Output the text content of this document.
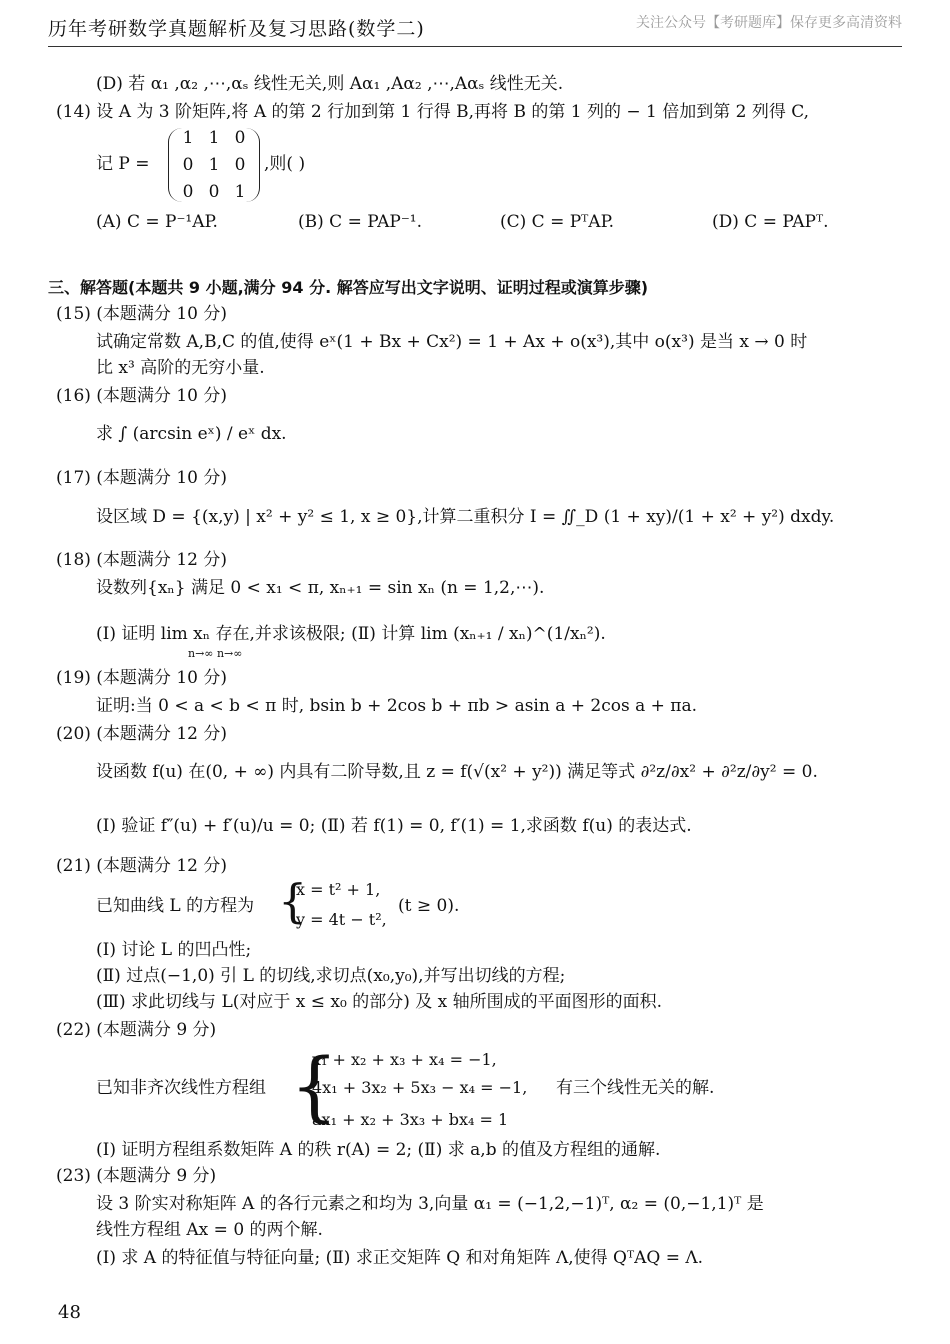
历年考研数学真题解析及复习思路(数学二)	关注公众号【考研题库】保存更多高清资料
(D) 若 α₁ ,α₂ ,⋯,αₛ 线性无关,则 Aα₁ ,Aα₂ ,⋯,Aαₛ 线性无关.
(14) 设 A 为 3 阶矩阵,将 A 的第 2 行加到第 1 行得 B,再将 B 的第 1 列的 − 1 倍加到第 2 列得 C,
记 P =
1 1 0
0 1 0
0 0 1
,则( )
(A) C = P⁻¹AP.	(B) C = PAP⁻¹.	(C) C = PᵀAP.	(D) C = PAPᵀ.
三、解答题(本题共 9 小题,满分 94 分. 解答应写出文字说明、证明过程或演算步骤)
(15) (本题满分 10 分)
试确定常数 A,B,C 的值,使得 eˣ(1 + Bx + Cx²) = 1 + Ax + o(x³),其中 o(x³) 是当 x → 0 时
比 x³ 高阶的无穷小量.
(16) (本题满分 10 分)
求 ∫ (arcsin eˣ) / eˣ dx.
(17) (本题满分 10 分)
设区域 D = {(x,y) | x² + y² ≤ 1, x ≥ 0},计算二重积分 I = ∬_D (1 + xy)/(1 + x² + y²) dxdy.
(18) (本题满分 12 分)
设数列{xₙ} 满足 0 < x₁ < π, xₙ₊₁ = sin xₙ (n = 1,2,⋯).
(Ⅰ) 证明 lim xₙ 存在,并求该极限; (Ⅱ) 计算 lim (xₙ₊₁ / xₙ)^(1/xₙ²).
n→∞ n→∞
(19) (本题满分 10 分)
证明:当 0 < a < b < π 时, bsin b + 2cos b + πb > asin a + 2cos a + πa.
(20) (本题满分 12 分)
设函数 f(u) 在(0, + ∞) 内具有二阶导数,且 z = f(√(x² + y²)) 满足等式 ∂²z/∂x² + ∂²z/∂y² = 0.
(Ⅰ) 验证 f″(u) + f′(u)/u = 0; (Ⅱ) 若 f(1) = 0, f′(1) = 1,求函数 f(u) 的表达式.
(21) (本题满分 12 分)
已知曲线 L 的方程为 {
x = t² + 1,
y = 4t − t²,
(t ≥ 0).
(Ⅰ) 讨论 L 的凹凸性;
(Ⅱ) 过点(−1,0) 引 L 的切线,求切点(x₀,y₀),并写出切线的方程;
(Ⅲ) 求此切线与 L(对应于 x ≤ x₀ 的部分) 及 x 轴所围成的平面图形的面积.
(22) (本题满分 9 分)
已知非齐次线性方程组 {
x₁ + x₂ + x₃ + x₄ = −1,
4x₁ + 3x₂ + 5x₃ − x₄ = −1,
ax₁ + x₂ + 3x₃ + bx₄ = 1
有三个线性无关的解.
(Ⅰ) 证明方程组系数矩阵 A 的秩 r(A) = 2; (Ⅱ) 求 a,b 的值及方程组的通解.
(23) (本题满分 9 分)
设 3 阶实对称矩阵 A 的各行元素之和均为 3,向量 α₁ = (−1,2,−1)ᵀ, α₂ = (0,−1,1)ᵀ 是
线性方程组 Ax = 0 的两个解.
(Ⅰ) 求 A 的特征值与特征向量; (Ⅱ) 求正交矩阵 Q 和对角矩阵 Λ,使得 QᵀAQ = Λ.
48
